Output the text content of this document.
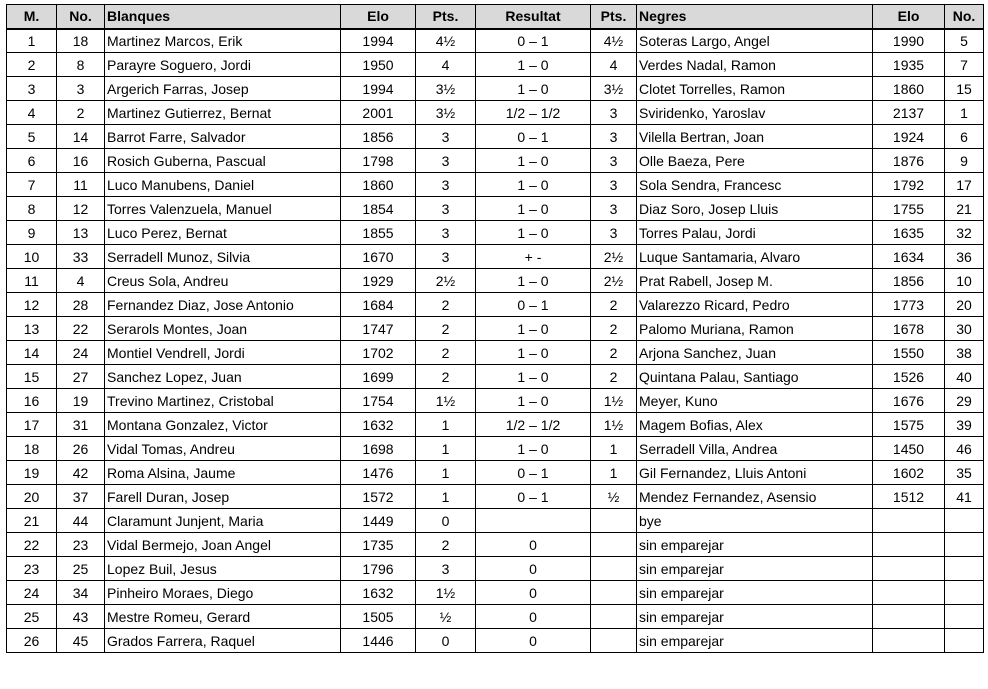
M.	No.	Blanques	Elo	Pts.	Resultat	Pts.	Negres	Elo	No.
1	18	Martinez Marcos, Erik	1994	4½	0 – 1	4½	Soteras Largo, Angel	1990	5
2	8	Parayre Soguero, Jordi	1950	4	1 – 0	4	Verdes Nadal, Ramon	1935	7
3	3	Argerich Farras, Josep	1994	3½	1 – 0	3½	Clotet Torrelles, Ramon	1860	15
4	2	Martinez Gutierrez, Bernat	2001	3½	1/2 – 1/2	3	Sviridenko, Yaroslav	2137	1
5	14	Barrot Farre, Salvador	1856	3	0 – 1	3	Vilella Bertran, Joan	1924	6
6	16	Rosich Guberna, Pascual	1798	3	1 – 0	3	Olle Baeza, Pere	1876	9
7	11	Luco Manubens, Daniel	1860	3	1 – 0	3	Sola Sendra, Francesc	1792	17
8	12	Torres Valenzuela, Manuel	1854	3	1 – 0	3	Diaz Soro, Josep Lluis	1755	21
9	13	Luco Perez, Bernat	1855	3	1 – 0	3	Torres Palau, Jordi	1635	32
10	33	Serradell Munoz, Silvia	1670	3	+ -	2½	Luque Santamaria, Alvaro	1634	36
11	4	Creus Sola, Andreu	1929	2½	1 – 0	2½	Prat Rabell, Josep M.	1856	10
12	28	Fernandez Diaz, Jose Antonio	1684	2	0 – 1	2	Valarezzo Ricard, Pedro	1773	20
13	22	Serarols Montes, Joan	1747	2	1 – 0	2	Palomo Muriana, Ramon	1678	30
14	24	Montiel Vendrell, Jordi	1702	2	1 – 0	2	Arjona Sanchez, Juan	1550	38
15	27	Sanchez Lopez, Juan	1699	2	1 – 0	2	Quintana Palau, Santiago	1526	40
16	19	Trevino Martinez, Cristobal	1754	1½	1 – 0	1½	Meyer, Kuno	1676	29
17	31	Montana Gonzalez, Victor	1632	1	1/2 – 1/2	1½	Magem Bofias, Alex	1575	39
18	26	Vidal Tomas, Andreu	1698	1	1 – 0	1	Serradell Villa, Andrea	1450	46
19	42	Roma Alsina, Jaume	1476	1	0 – 1	1	Gil Fernandez, Lluis Antoni	1602	35
20	37	Farell Duran, Josep	1572	1	0 – 1	½	Mendez Fernandez, Asensio	1512	41
21	44	Claramunt Junjent, Maria	1449	0			bye		
22	23	Vidal Bermejo, Joan Angel	1735	2	0		sin emparejar		
23	25	Lopez Buil, Jesus	1796	3	0		sin emparejar		
24	34	Pinheiro Moraes, Diego	1632	1½	0		sin emparejar		
25	43	Mestre Romeu, Gerard	1505	½	0		sin emparejar		
26	45	Grados Farrera, Raquel	1446	0	0		sin emparejar		
